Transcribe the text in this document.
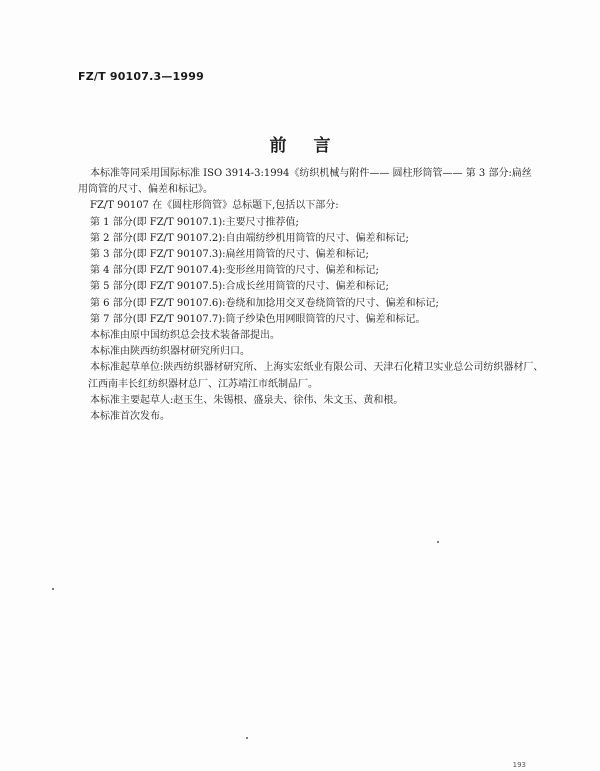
FZ/T 90107.3—1999
前言

本标准等同采用国际标准 ISO 3914-3:1994《纺织机械与附件—— 圆柱形筒管—— 第 3 部分:扁丝

用筒管的尺寸、偏差和标记》。

FZ/T 90107 在《圆柱形筒管》总标题下,包括以下部分:

第 1 部分(即 FZ/T 90107.1):主要尺寸推荐值;

第 2 部分(即 FZ/T 90107.2):自由端纺纱机用筒管的尺寸、偏差和标记;

第 3 部分(即 FZ/T 90107.3):扁丝用筒管的尺寸、偏差和标记;

第 4 部分(即 FZ/T 90107.4):变形丝用筒管的尺寸、偏差和标记;

第 5 部分(即 FZ/T 90107.5):合成长丝用筒管的尺寸、偏差和标记;

第 6 部分(即 FZ/T 90107.6):卷绕和加捻用交叉卷绕筒管的尺寸、偏差和标记;

第 7 部分(即 FZ/T 90107.7):筒子纱染色用网眼筒管的尺寸、偏差和标记。

本标准由原中国纺织总会技术装备部提出。

本标准由陕西纺织器材研究所归口。

本标准起草单位:陕西纺织器材研究所、上海实宏纸业有限公司、天津石化精卫实业总公司纺织器材厂、江西南丰长红纺织器材总厂、江苏靖江市纸制品厂。

本标准主要起草人:赵玉生、朱锡根、盛泉夫、徐伟、朱文玉、黄和根。

本标准首次发布。

193
